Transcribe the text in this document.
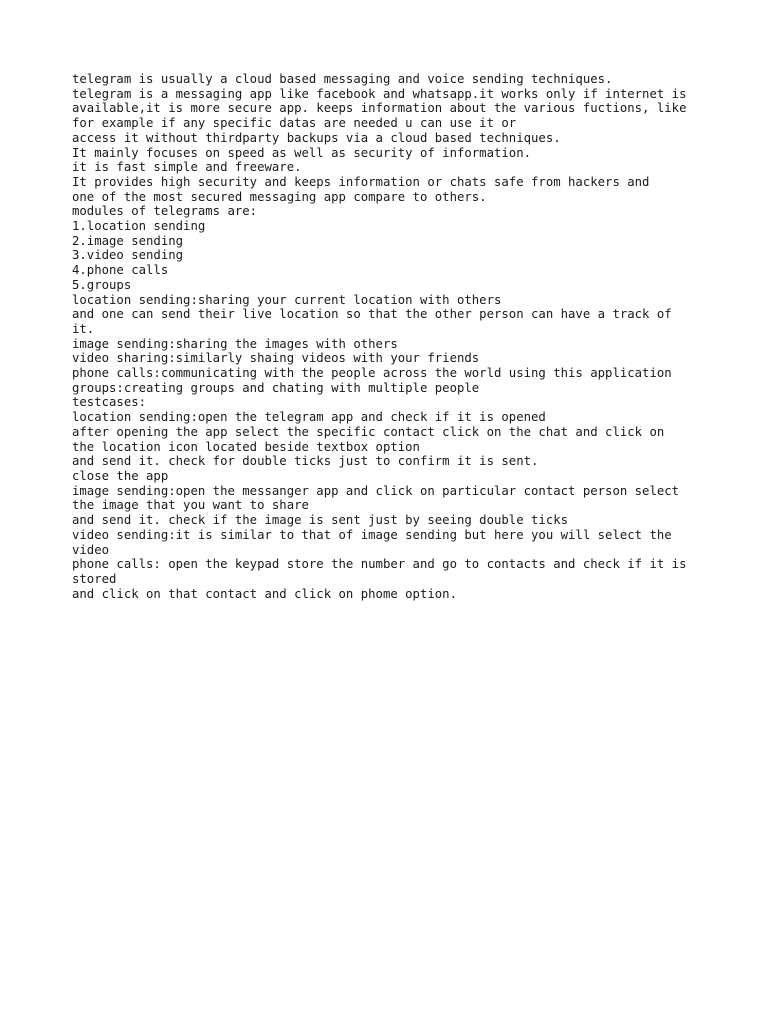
telegram is usually a cloud based messaging and voice sending techniques.

telegram is a messaging app like facebook and whatsapp.it works only if internet is

available,it is more secure app. keeps information about the various fuctions, like

for example if any specific datas are needed u can use it or

access it without thirdparty backups via a cloud based techniques.

It mainly focuses on speed as well as security of information.

it is fast simple and freeware.

It provides high security and keeps information or chats safe from hackers and

one of the most secured messaging app compare to others.

modules of telegrams are:

1.location sending

2.image sending

3.video sending

4.phone calls

5.groups

location sending:sharing your current location with others

and one can send their live location so that the other person can have a track of

it.

image sending:sharing the images with others

video sharing:similarly shaing videos with your friends

phone calls:communicating with the people across the world using this application

groups:creating groups and chating with multiple people

testcases:

location sending:open the telegram app and check if it is opened

after opening the app select the specific contact click on the chat and click on

the location icon located beside textbox option

and send it. check for double ticks just to confirm it is sent.

close the app

image sending:open the messanger app and click on particular contact person select

the image that you want to share

and send it. check if the image is sent just by seeing double ticks

video sending:it is similar to that of image sending but here you will select the

video

phone calls: open the keypad store the number and go to contacts and check if it is

stored

and click on that contact and click on phome option.
